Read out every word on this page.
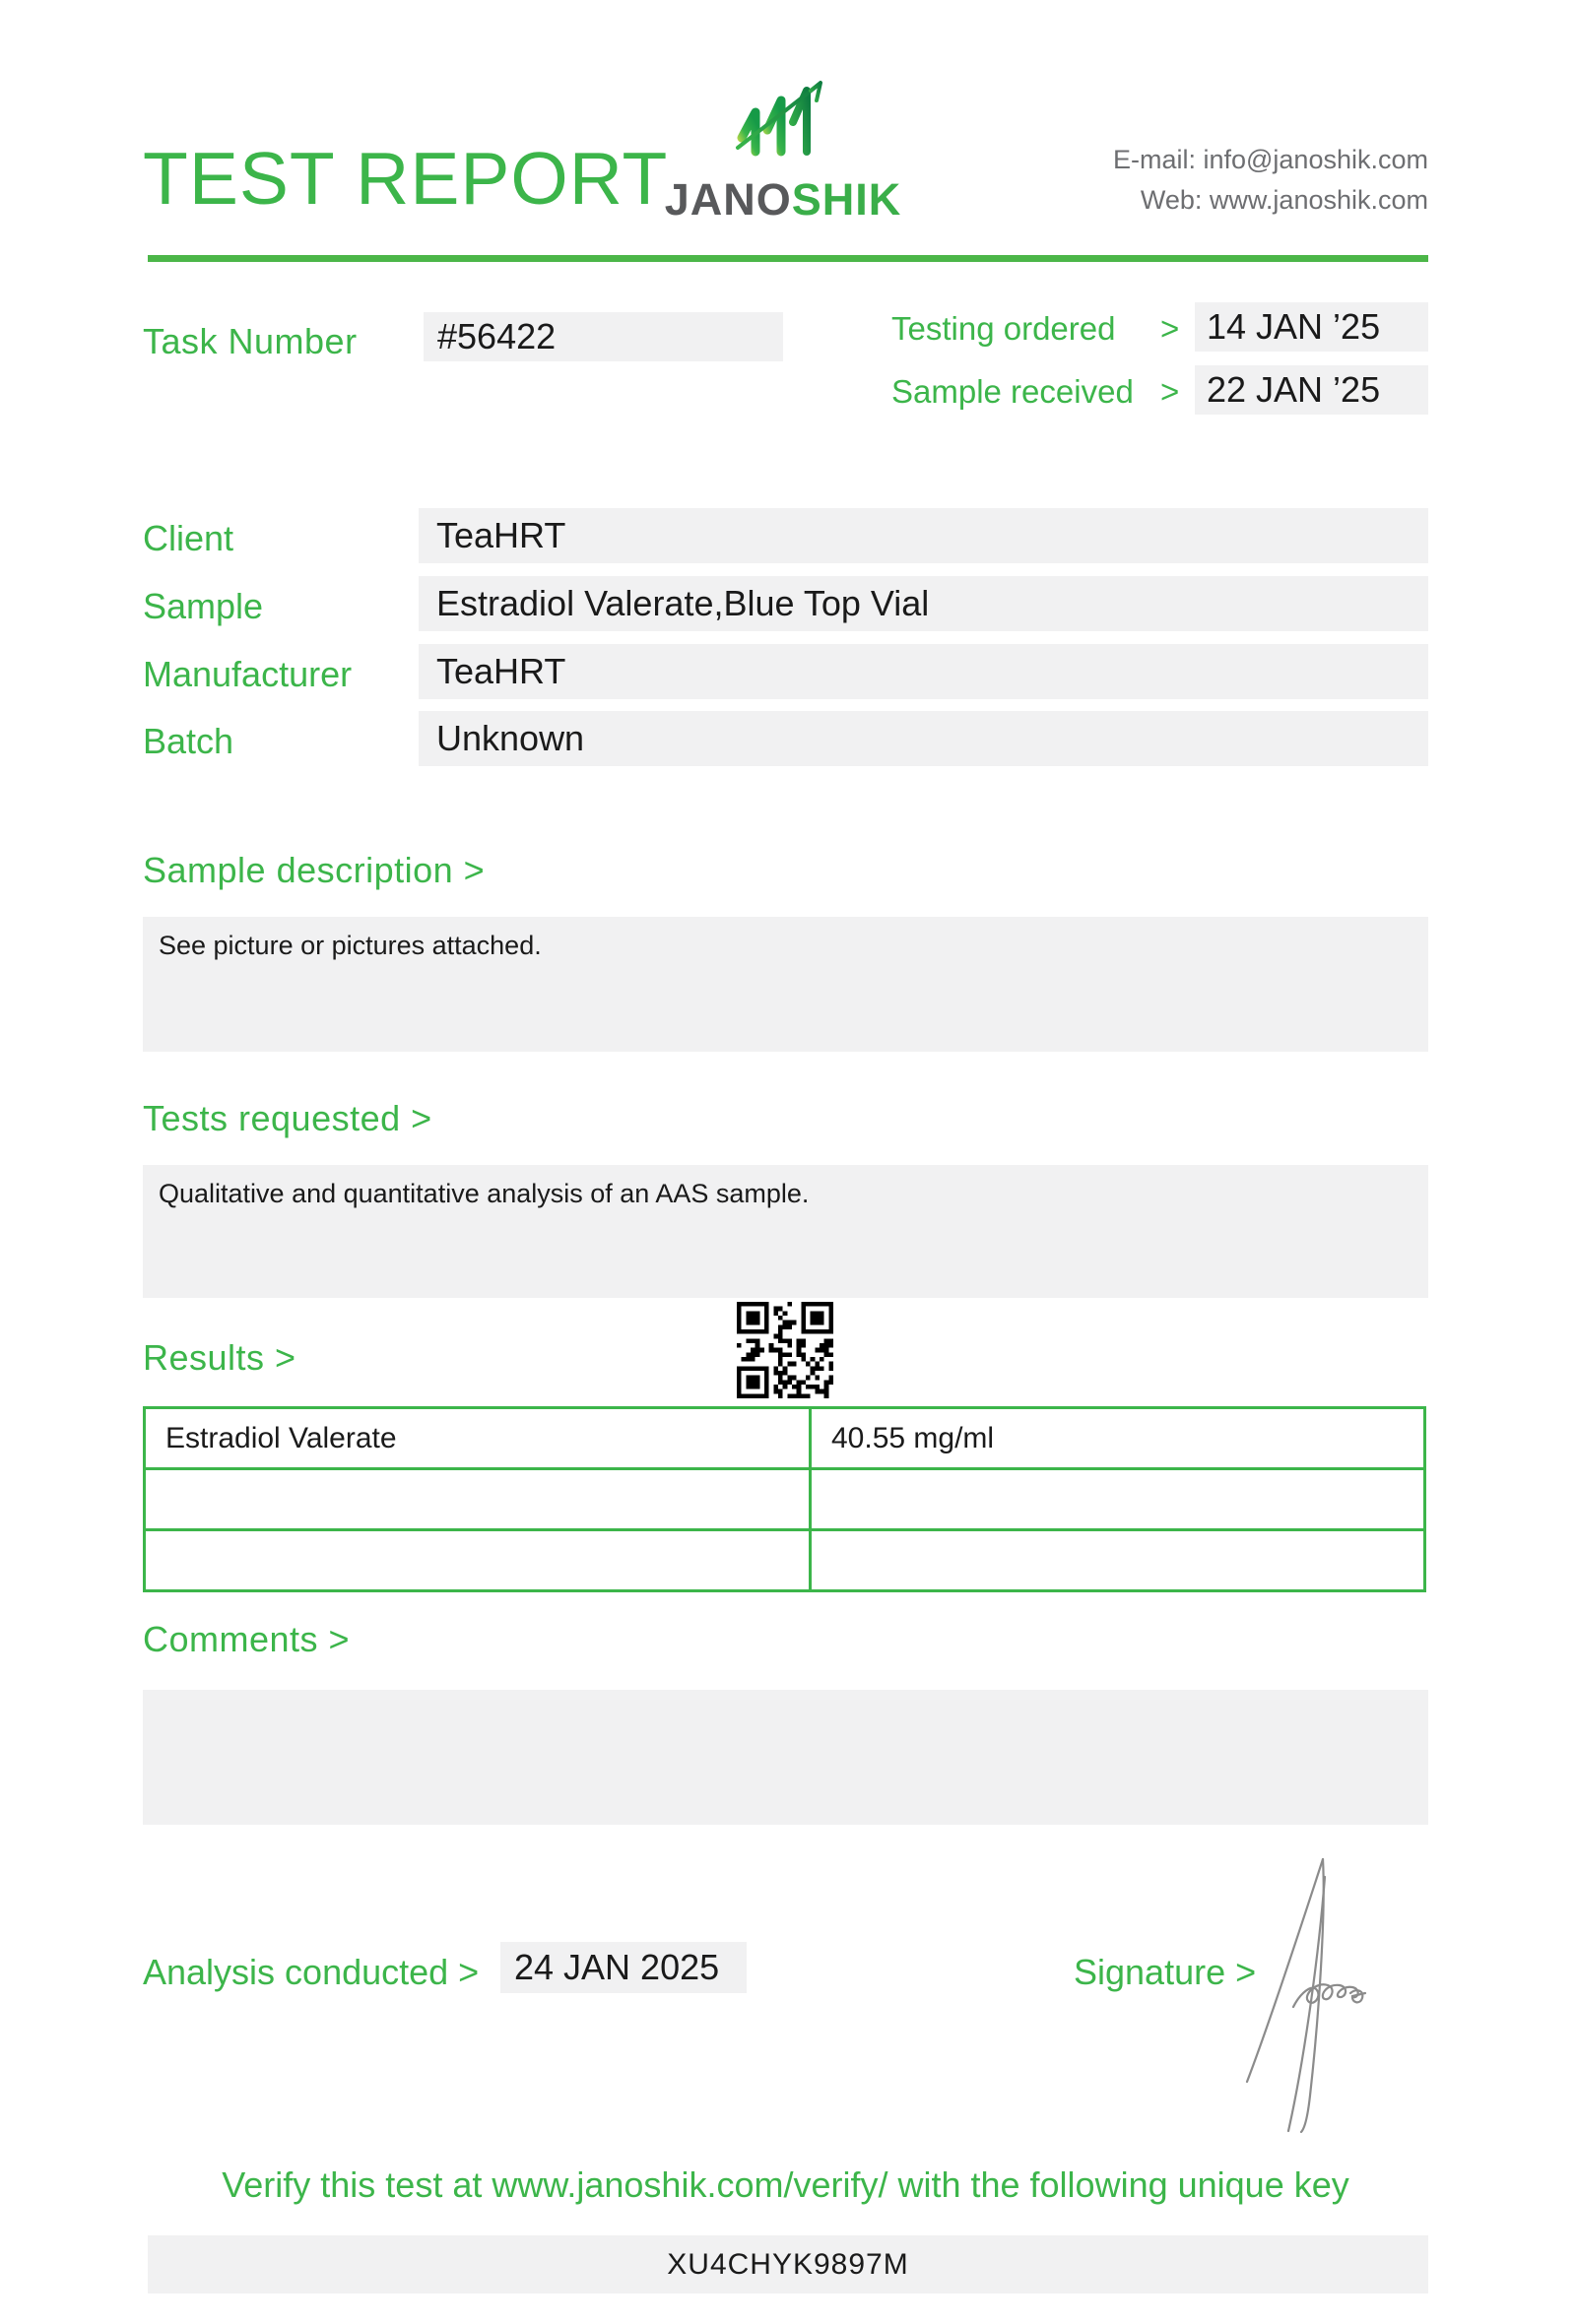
TEST REPORT
JANOSHIK
E-mail: info@janoshik.com
Web: www.janoshik.com
Task Number	#56422	Testing ordered > 14 JAN ’25
Sample received > 22 JAN ’25
Client	TeaHRT
Sample	Estradiol Valerate,Blue Top Vial
Manufacturer	TeaHRT
Batch	Unknown
Sample description >
See picture or pictures attached.
Tests requested >
Qualitative and quantitative analysis of an AAS sample.
Results >
Estradiol Valerate	40.55 mg/ml

Comments >
Analysis conducted > 24 JAN 2025	Signature >
Verify this test at www.janoshik.com/verify/ with the following unique key
XU4CHYK9897M
